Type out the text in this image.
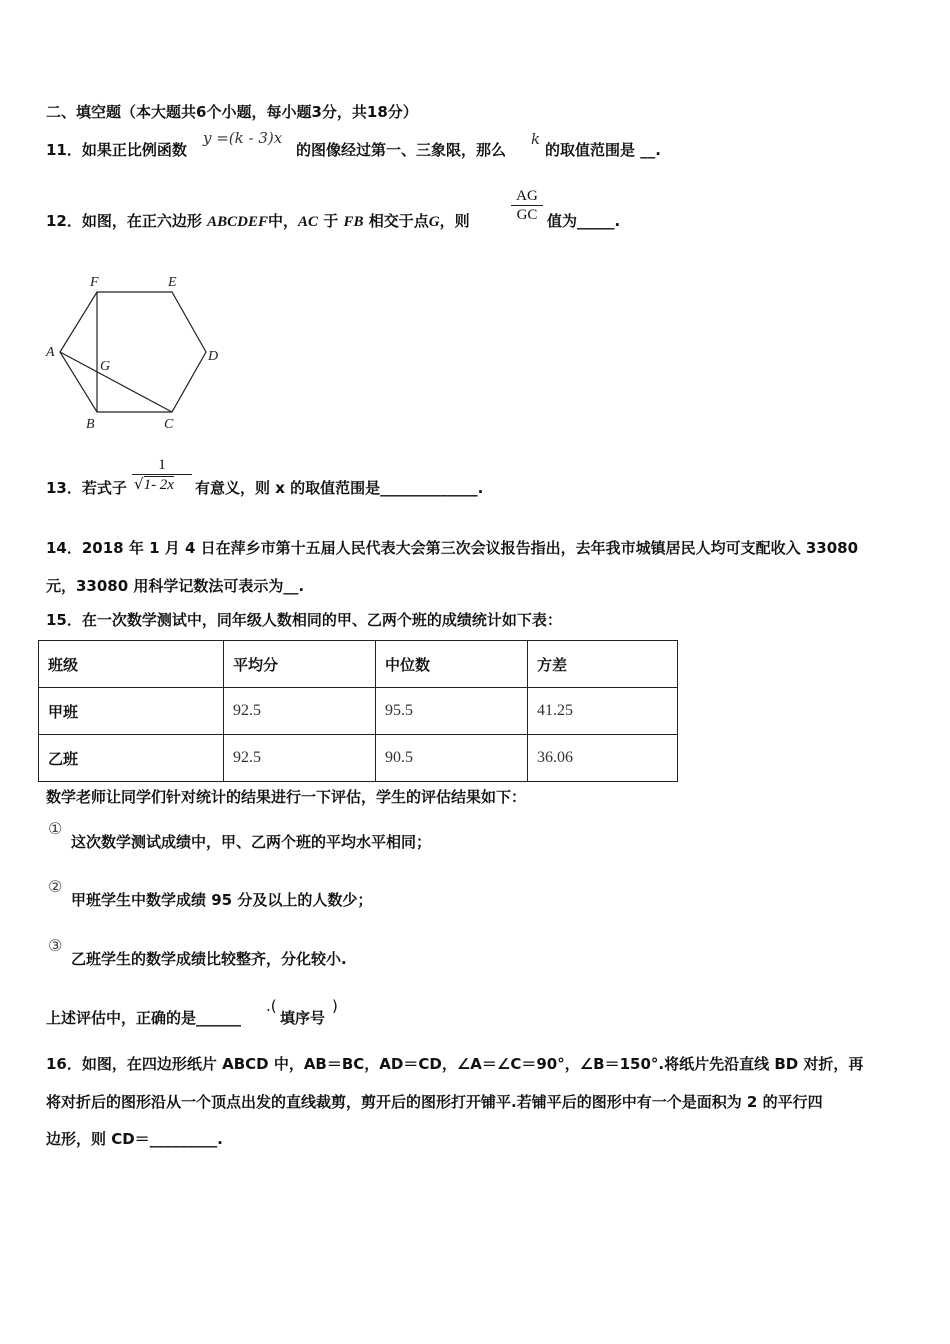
二、填空题（本大题共6个小题，每小题3分，共18分）
11．如果正比例函数
y =(k - 3)x
的图像经过第一、三象限，那么
k
的取值范围是 __.
12．如图，在正六边形 ABCDEF中，AC 于 FB 相交于点G，则
AG
GC 值为_____.
F	E
A	D
G
B	C
13．若式子
1
√1- 2x	有意义，则 x 的取值范围是_____________.
14．2018 年 1 月 4 日在萍乡市第十五届人民代表大会第三次会议报告指出，去年我市城镇居民人均可支配收入 33080
元，33080 用科学记数法可表示为__.
15．在一次数学测试中，同年级人数相同的甲、乙两个班的成绩统计如下表：
班级	平均分	中位数	方差
甲班	92.5	95.5	41.25
乙班	92.5	90.5	36.06
数学老师让同学们针对统计的结果进行一下评估，学生的评估结果如下：
①
这次数学测试成绩中，甲、乙两个班的平均水平相同；
②
甲班学生中数学成绩 95 分及以上的人数少；
③
乙班学生的数学成绩比较整齐，分化较小.
上述评估中，正确的是______
.(
填序号
)
16．如图，在四边形纸片 ABCD 中，AB＝BC，AD＝CD，∠A＝∠C＝90°，∠B＝150°.将纸片先沿直线 BD 对折，再
将对折后的图形沿从一个顶点出发的直线裁剪，剪开后的图形打开铺平.若铺平后的图形中有一个是面积为 2 的平行四
边形，则 CD＝_________.
